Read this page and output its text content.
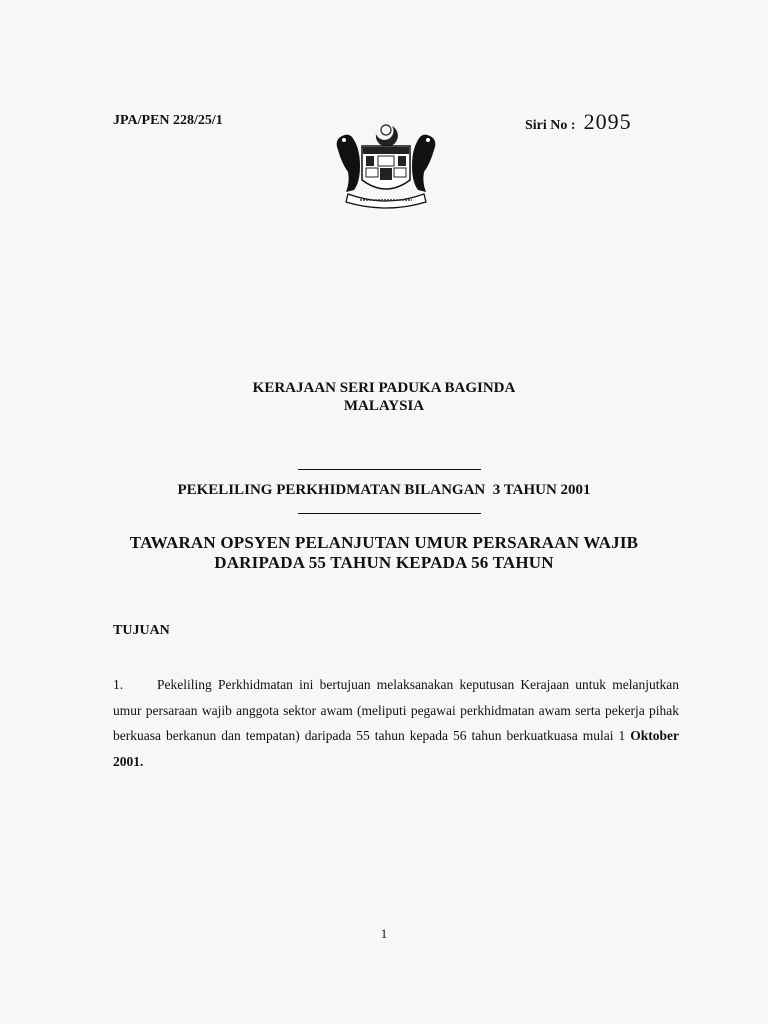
JPA/PEN 228/25/1	Siri No : 2095
KERAJAAN SERI PADUKA BAGINDA
MALAYSIA
PEKELILING PERKHIDMATAN BILANGAN  3 TAHUN 2001
TAWARAN OPSYEN PELANJUTAN UMUR PERSARAAN WAJIB
DARIPADA 55 TAHUN KEPADA 56 TAHUN
TUJUAN
1.	Pekeliling Perkhidmatan ini bertujuan melaksanakan keputusan Kerajaan untuk melanjutkan umur persaraan wajib anggota sektor awam (meliputi pegawai perkhidmatan awam serta pekerja pihak berkuasa berkanun dan tempatan) daripada 55 tahun kepada 56 tahun berkuatkuasa mulai 1 Oktober 2001.
1
